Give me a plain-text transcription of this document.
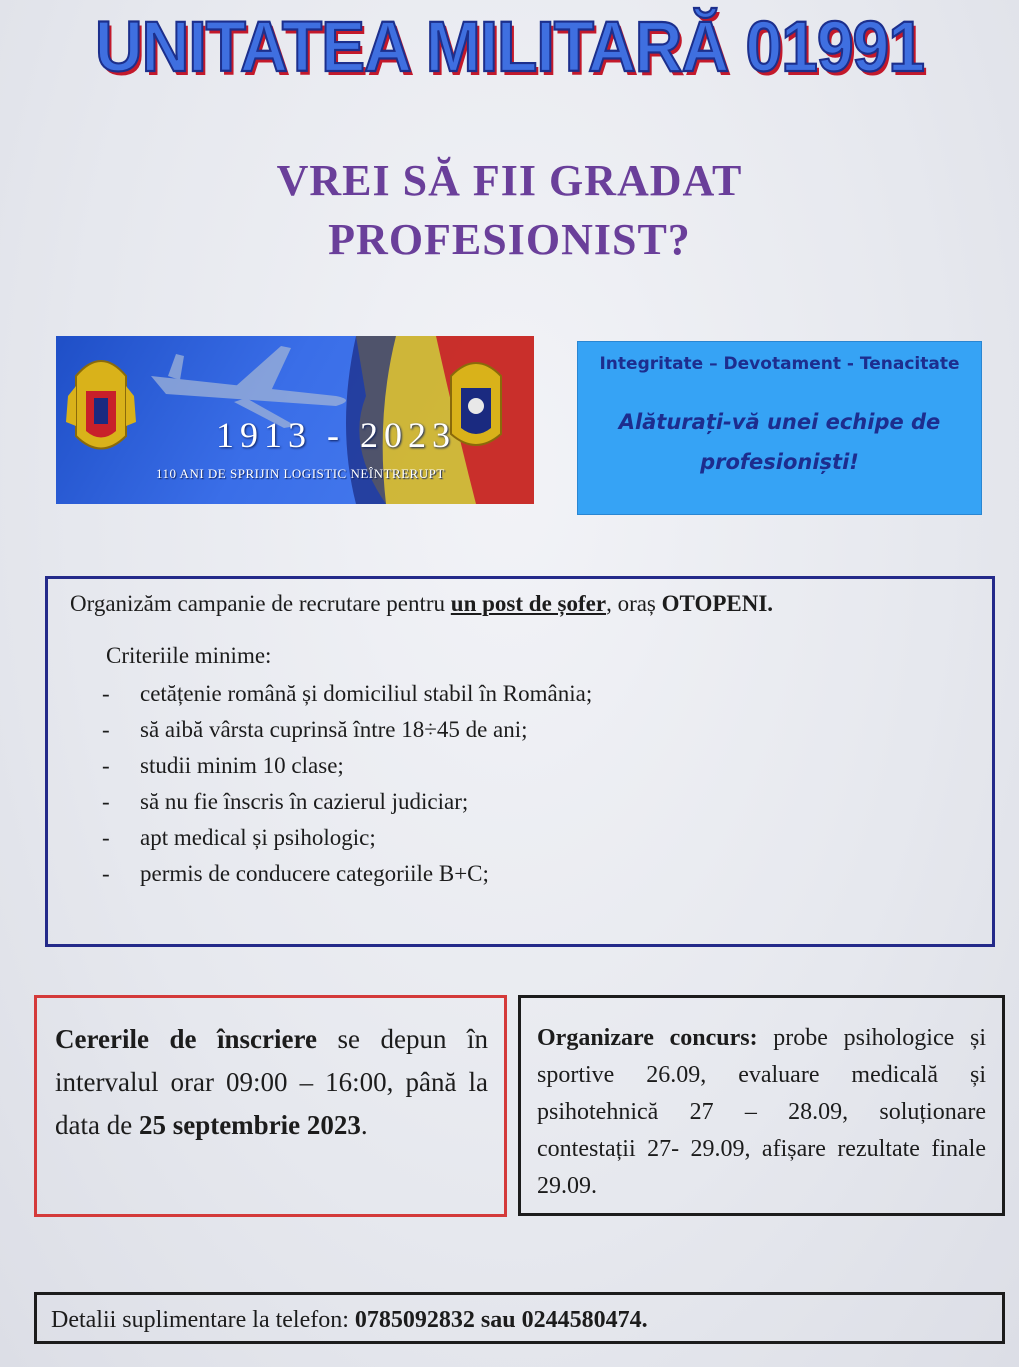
UNITATEA MILITARĂ 01991
VREI SĂ FII GRADAT
PROFESIONIST?
1913 - 2023
110 ANI DE SPRIJIN LOGISTIC NEÎNTRERUPT
Integritate – Devotament - Tenacitate
Alăturați-vă unei echipe de profesioniști!
Organizăm campanie de recrutare pentru un post de șofer, oraș OTOPENI.
Criteriile minime:
- cetățenie română și domiciliul stabil în România;
- să aibă vârsta cuprinsă între 18÷45 de ani;
- studii minim 10 clase;
- să nu fie înscris în cazierul judiciar;
- apt medical și psihologic;
- permis de conducere categoriile B+C;
Cererile de înscriere se depun în intervalul orar 09:00 – 16:00, până la data de 25 septembrie 2023.
Organizare concurs: probe psihologice și sportive 26.09, evaluare medicală și psihotehnică 27 – 28.09, soluționare contestații 27- 29.09, afișare rezultate finale 29.09.
Detalii suplimentare la telefon: 0785092832 sau 0244580474.
